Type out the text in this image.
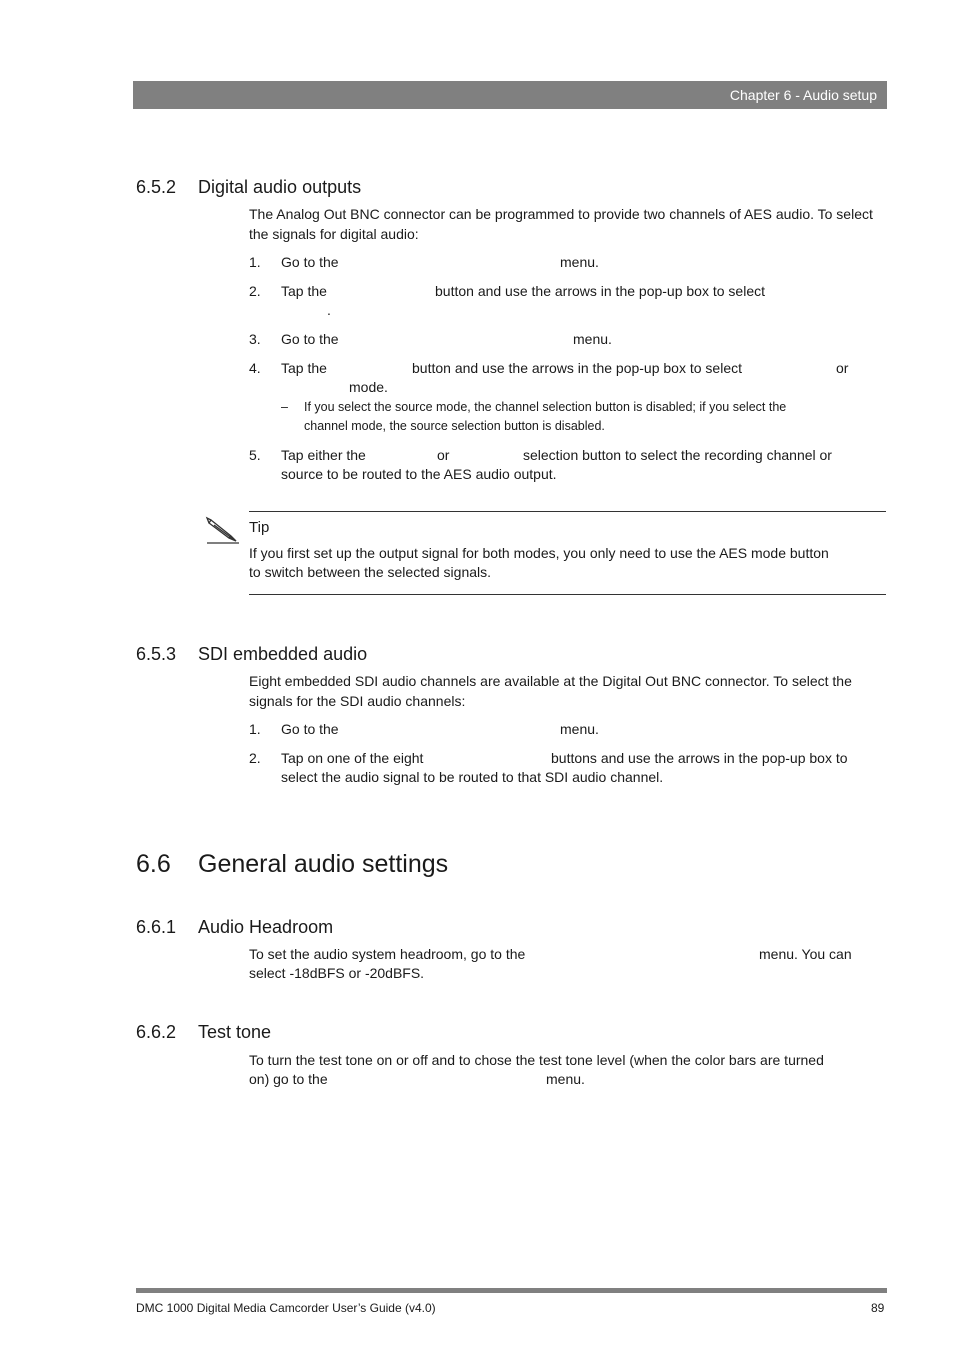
Chapter 6 - Audio setup
6.5.2 Digital audio outputs
The Analog Out BNC connector can be programmed to provide two channels of AES audio. To select the signals for digital audio:
1. Go to the	menu.
2. Tap the	button and use the arrows in the pop-up box to select
.
3. Go to the	menu.
4. Tap the	button and use the arrows in the pop-up box to select	or
mode.
– If you select the source mode, the channel selection button is disabled; if you select the
channel mode, the source selection button is disabled.
5. Tap either the	or	selection button to select the recording channel or
source to be routed to the AES audio output.
Tip
If you first set up the output signal for both modes, you only need to use the AES mode button
to switch between the selected signals.
6.5.3 SDI embedded audio
Eight embedded SDI audio channels are available at the Digital Out BNC connector. To select the signals for the SDI audio channels:
1. Go to the	menu.
2. Tap on one of the eight	buttons and use the arrows in the pop-up box to
select the audio signal to be routed to that SDI audio channel.
6.6 General audio settings
6.6.1 Audio Headroom
To set the audio system headroom, go to the	menu. You can
select -18dBFS or -20dBFS.
6.6.2 Test tone
To turn the test tone on or off and to chose the test tone level (when the color bars are turned
on) go to the	menu.
DMC 1000 Digital Media Camcorder User’s Guide (v4.0)	89
